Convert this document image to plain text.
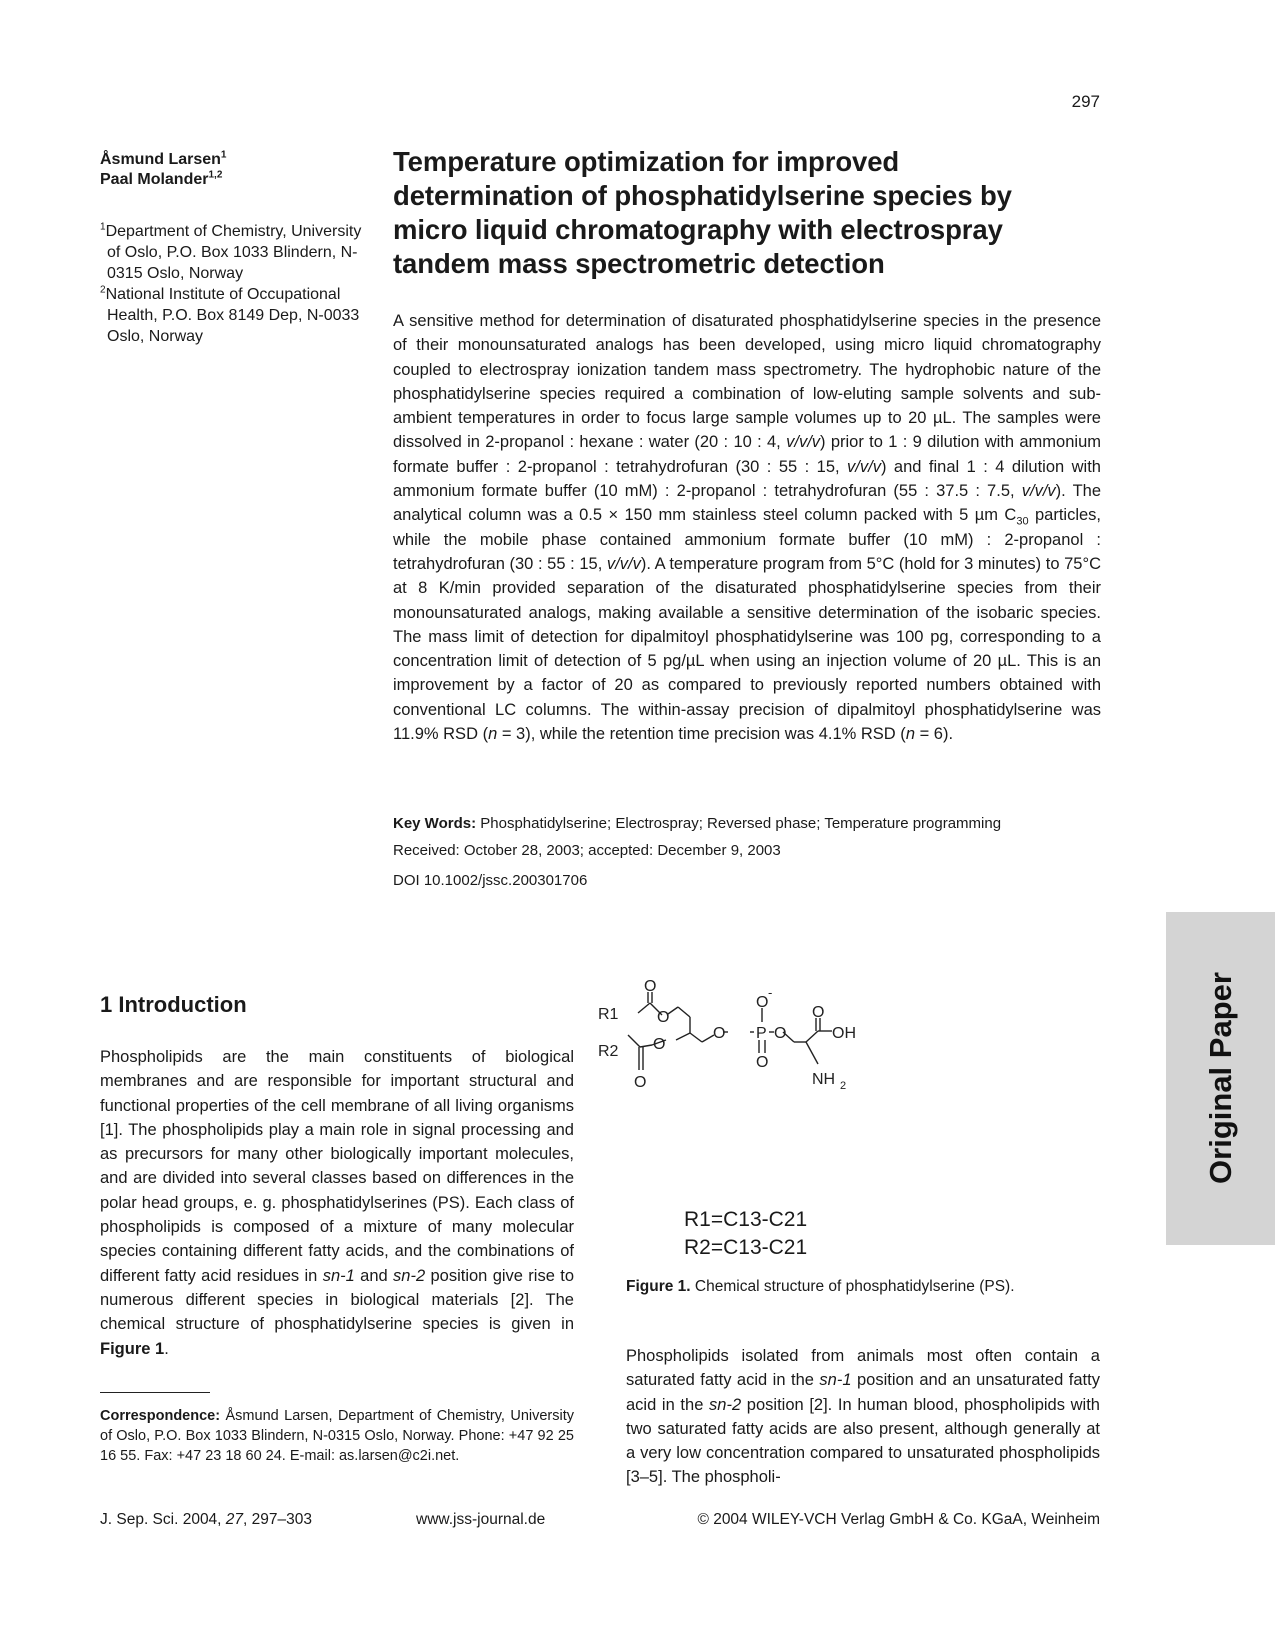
297
Åsmund Larsen$^1$
Paal Molander$^{1,2}$
$^1$Department of Chemistry, University of Oslo, P.O. Box 1033 Blindern, N-0315 Oslo, Norway
$^2$National Institute of Occupational Health, P.O. Box 8149 Dep, N-0033 Oslo, Norway
Temperature optimization for improved determination of phosphatidylserine species by micro liquid chromatography with electrospray tandem mass spectrometric detection
A sensitive method for determination of disaturated phosphatidylserine species in the presence of their monounsaturated analogs has been developed, using micro liquid chromatography coupled to electrospray ionization tandem mass spectrometry. The hydrophobic nature of the phosphatidylserine species required a combination of low-eluting sample solvents and sub-ambient temperatures in order to focus large sample volumes up to 20 µL. The samples were dissolved in 2-propanol : hexane : water (20 : 10 : 4, v/v/v) prior to 1 : 9 dilution with ammonium formate buffer : 2-propanol : tetrahydrofuran (30 : 55 : 15, v/v/v) and final 1 : 4 dilution with ammonium formate buffer (10 mM) : 2-propanol : tetrahydrofuran (55 : 37.5 : 7.5, v/v/v). The analytical column was a 0.5 × 150 mm stainless steel column packed with 5 µm $C_{30}$ particles, while the mobile phase contained ammonium formate buffer (10 mM) : 2-propanol : tetrahydrofuran (30 : 55 : 15, v/v/v). A temperature program from 5°C (hold for 3 minutes) to 75°C at 8 K/min provided separation of the disaturated phosphatidylserine species from their monounsaturated analogs, making available a sensitive determination of the isobaric species. The mass limit of detection for dipalmitoyl phosphatidylserine was 100 pg, corresponding to a concentration limit of detection of 5 pg/µL when using an injection volume of 20 µL. This is an improvement by a factor of 20 as compared to previously reported numbers obtained with conventional LC columns. The within-assay precision of dipalmitoyl phosphatidylserine was 11.9% RSD (n = 3), while the retention time precision was 4.1% RSD (n = 6).
Key Words: Phosphatidylserine; Electrospray; Reversed phase; Temperature programming
Received: October 28, 2003; accepted: December 9, 2003
DOI 10.1002/jssc.200301706
Original Paper
1 Introduction
Phospholipids are the main constituents of biological membranes and are responsible for important structural and functional properties of the cell membrane of all living organisms [1]. The phospholipids play a main role in signal processing and as precursors for many other biologically important molecules, and are divided into several classes based on differences in the polar head groups, e. g. phosphatidylserines (PS). Each class of phospholipids is composed of a mixture of many molecular species containing different fatty acids, and the combinations of different fatty acid residues in sn-1 and sn-2 position give rise to numerous different species in biological materials [2]. The chemical structure of phosphatidylserine species is given in Figure 1.
Correspondence: Åsmund Larsen, Department of Chemistry, University of Oslo, P.O. Box 1033 Blindern, N-0315 Oslo, Norway. Phone: +47 92 25 16 55. Fax: +47 23 18 60 24. E-mail: as.larsen@c2i.net.
O
R1 O
R2 O
O
O
O
-
P
O
O
O
OH
NH 2
R1=C13-C21
R2=C13-C21
Figure 1. Chemical structure of phosphatidylserine (PS).
Phospholipids isolated from animals most often contain a saturated fatty acid in the sn-1 position and an unsaturated fatty acid in the sn-2 position [2]. In human blood, phospholipids with two saturated fatty acids are also present, although generally at a very low concentration compared to unsaturated phospholipids [3–5]. The phospholi-
J. Sep. Sci. 2004, 27, 297–303	www.jss-journal.de	© 2004 WILEY-VCH Verlag GmbH & Co. KGaA, Weinheim
